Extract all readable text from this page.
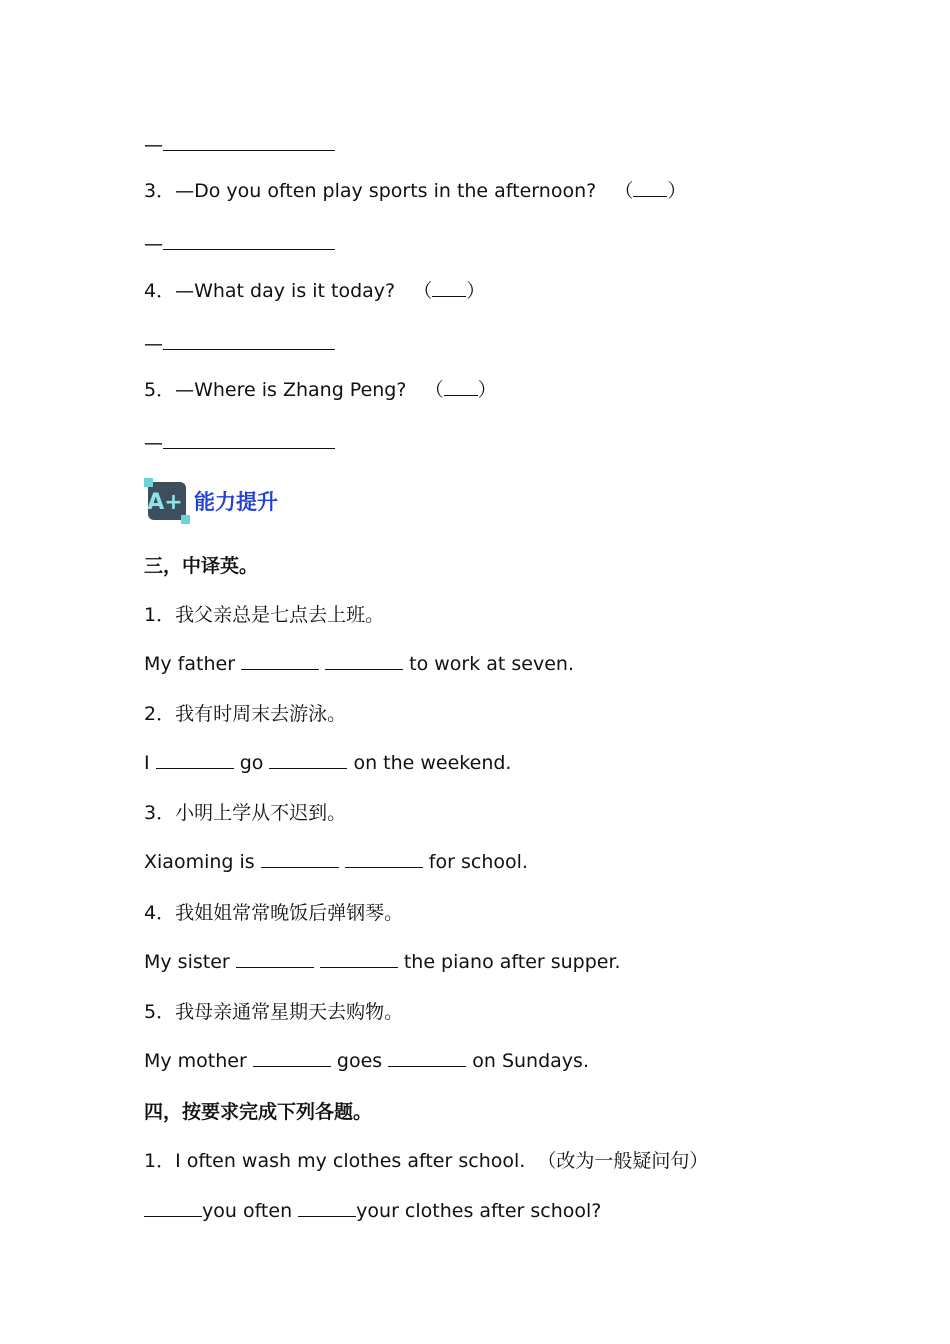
—
3．—Do you often play sports in the afternoon?   （ ）
—
4．—What day is it today?   （ ）
—
5．—Where is Zhang Peng?   （ ）
—
A+ 能力提升
三，中译英。
1．我父亲总是七点去上班。
My father	to work at seven.
2．我有时周末去游泳。
I	go	on the weekend.
3．小明上学从不迟到。
Xiaoming is	for school.
4．我姐姐常常晚饭后弹钢琴。
My sister	the piano after supper.
5．我母亲通常星期天去购物。
My mother	goes	on Sundays.
四，按要求完成下列各题。
1．I often wash my clothes after school.  （改为一般疑问句）
you often	your clothes after school?
